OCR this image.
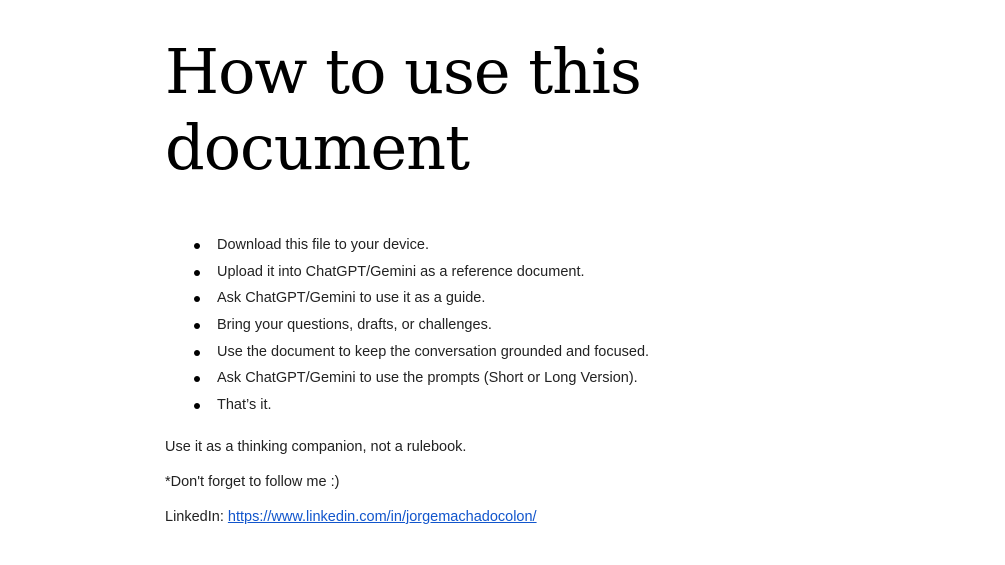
How to use this document
Download this file to your device.
Upload it into ChatGPT/Gemini as a reference document.
Ask ChatGPT/Gemini to use it as a guide.
Bring your questions, drafts, or challenges.
Use the document to keep the conversation grounded and focused.
Ask ChatGPT/Gemini to use the prompts (Short or Long Version).
That’s it.

Use it as a thinking companion, not a rulebook.

*Don't forget to follow me :)

LinkedIn: https://www.linkedin.com/in/jorgemachadocolon/
